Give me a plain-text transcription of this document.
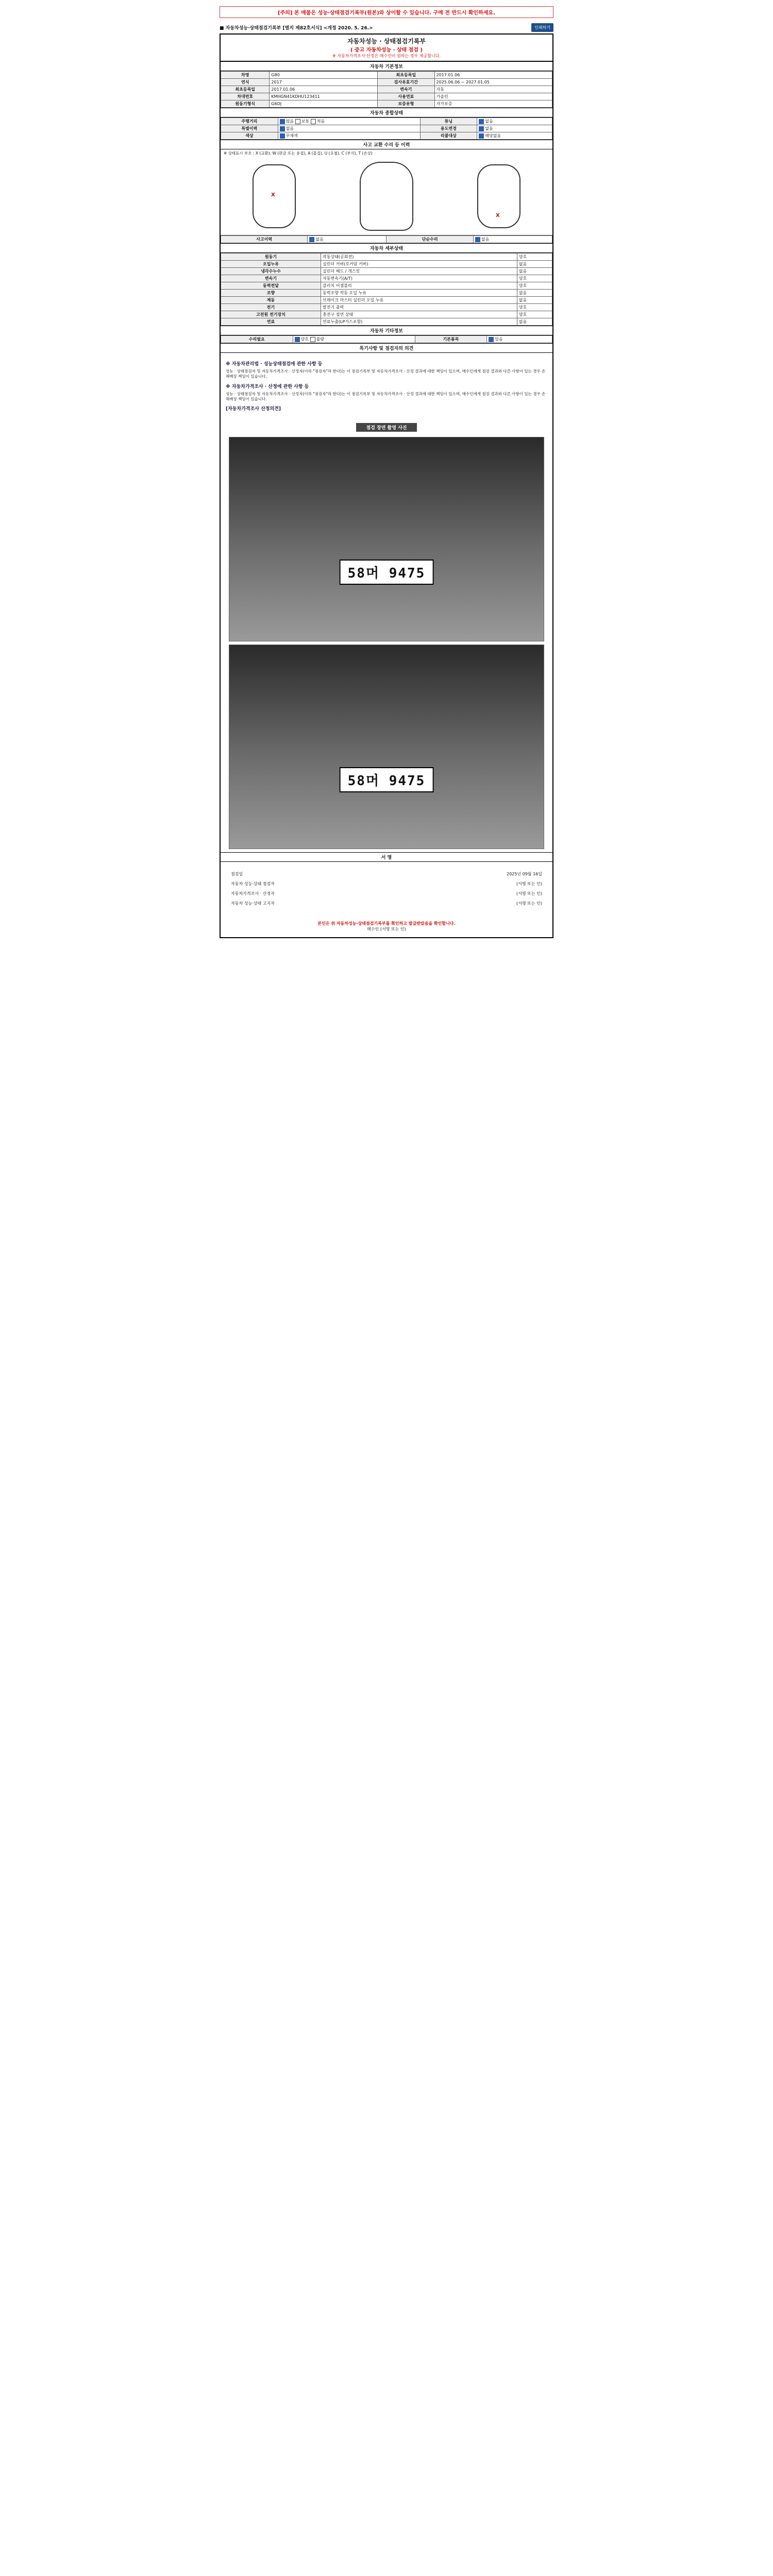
[주의] 본 매물은 성능·상태점검기록부(원본)와 상이할 수 있습니다. 구매 전 반드시 확인하세요.
■ 자동차성능·상태점검기록부 [별지 제82호서식] <개정 2020. 5. 26.>	인쇄하기
자동차성능 · 상태점검기록부
( 중고 자동차성능 · 상태 점검 )
※ 자동차가격조사·산정은 매수인이 원하는 경우 제공합니다.
자동차 기본정보
차명	G80	최초등록일	2017.01.06
연식	2017	검사유효기간	2025.06.06 ~ 2027.01.05
최초등록일	2017.01.06	변속기	자동
차대번호	KMHGN41KDHU123411	사용연료	가솔린
원동기형식	G6DJ	보증유형	자가보증
자동차 종합상태
주행거리	많음 보통 적음	튜닝	없음
특별이력	없음	용도변경	없음
색상	무채색	리콜대상	해당없음
사고 교환 수리 등 이력
※ 상태표시 부호 : X (교환), W (판금 또는 용접), A (흠집), U (요철), C (부식), T (손상)
X
X
사고이력	없음	단순수리	없음
자동차 세부상태
원동기	작동상태(공회전)	양호
오일누유	실린더 커버(로커암 커버)	없음
냉각수누수	실린더 헤드 / 개스킷	없음
변속기	자동변속기(A/T)	양호
동력전달	클러치 어셈블리	양호
조향	동력조향 작동 오일 누유	없음
제동	브레이크 마스터 실린더 오일 누유	없음
전기	발전기 출력	양호
고전원 전기장치	충전구 절연 상태	양호
연료	연료누출(LP가스포함)	없음
자동차 기타정보
수리필요	양호 불량	기본품목	있음
특기사항 및 점검자의 의견
※ 자동차관리법 · 성능상태점검에 관한 사항 등

성능 · 상태점검자 및 자동차가격조사 · 산정자(이하 "점검자"라 한다)는 이 점검기록부 및 자동차가격조사 · 산정 결과에 대한 책임이 있으며, 매수인에게 점검 결과와 다른 사항이 있는 경우 손해배상 책임이 있습니다.

※ 자동차가격조사 · 산정에 관한 사항 등

성능 · 상태점검자 및 자동차가격조사 · 산정자(이하 "점검자"라 한다)는 이 점검기록부 및 자동차가격조사 · 산정 결과에 대한 책임이 있으며, 매수인에게 점검 결과와 다른 사항이 있는 경우 손해배상 책임이 있습니다.

[자동차가격조사 산정의견]
점검 장면 촬영 사진
58머 9475
58머 9475
서 명
점검일	2025년 09월 16일
자동차 성능·상태 점검자	(서명 또는 인)
자동차가격조사 · 산정자	(서명 또는 인)
자동차 성능·상태 고지자	(서명 또는 인)
본인은 위 자동차성능·상태점검기록부를 확인하고 발급받았음을 확인합니다.
매수인 (서명 또는 인)
